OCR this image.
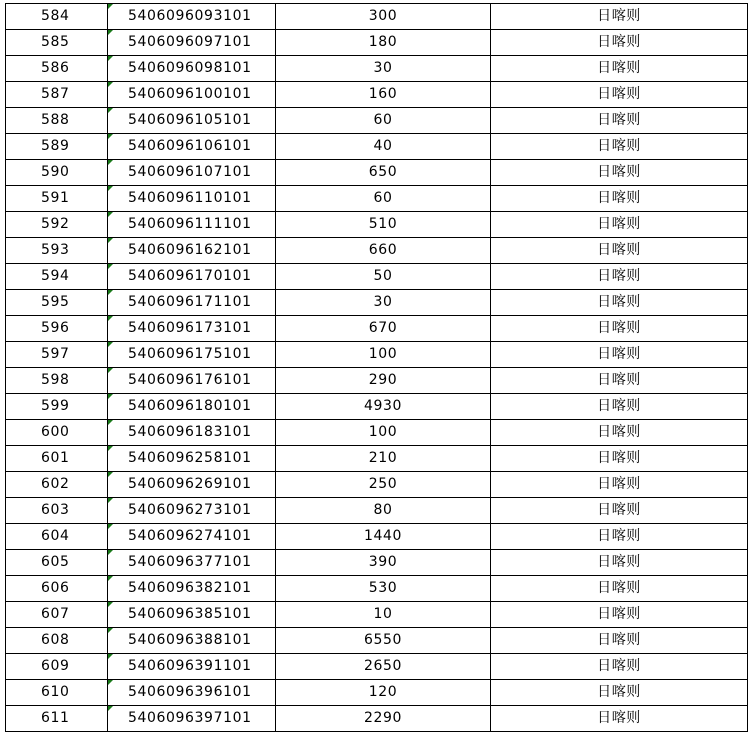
584	5406096093101	300	日喀则
585	5406096097101	180	日喀则
586	5406096098101	30	日喀则
587	5406096100101	160	日喀则
588	5406096105101	60	日喀则
589	5406096106101	40	日喀则
590	5406096107101	650	日喀则
591	5406096110101	60	日喀则
592	5406096111101	510	日喀则
593	5406096162101	660	日喀则
594	5406096170101	50	日喀则
595	5406096171101	30	日喀则
596	5406096173101	670	日喀则
597	5406096175101	100	日喀则
598	5406096176101	290	日喀则
599	5406096180101	4930	日喀则
600	5406096183101	100	日喀则
601	5406096258101	210	日喀则
602	5406096269101	250	日喀则
603	5406096273101	80	日喀则
604	5406096274101	1440	日喀则
605	5406096377101	390	日喀则
606	5406096382101	530	日喀则
607	5406096385101	10	日喀则
608	5406096388101	6550	日喀则
609	5406096391101	2650	日喀则
610	5406096396101	120	日喀则
611	5406096397101	2290	日喀则
